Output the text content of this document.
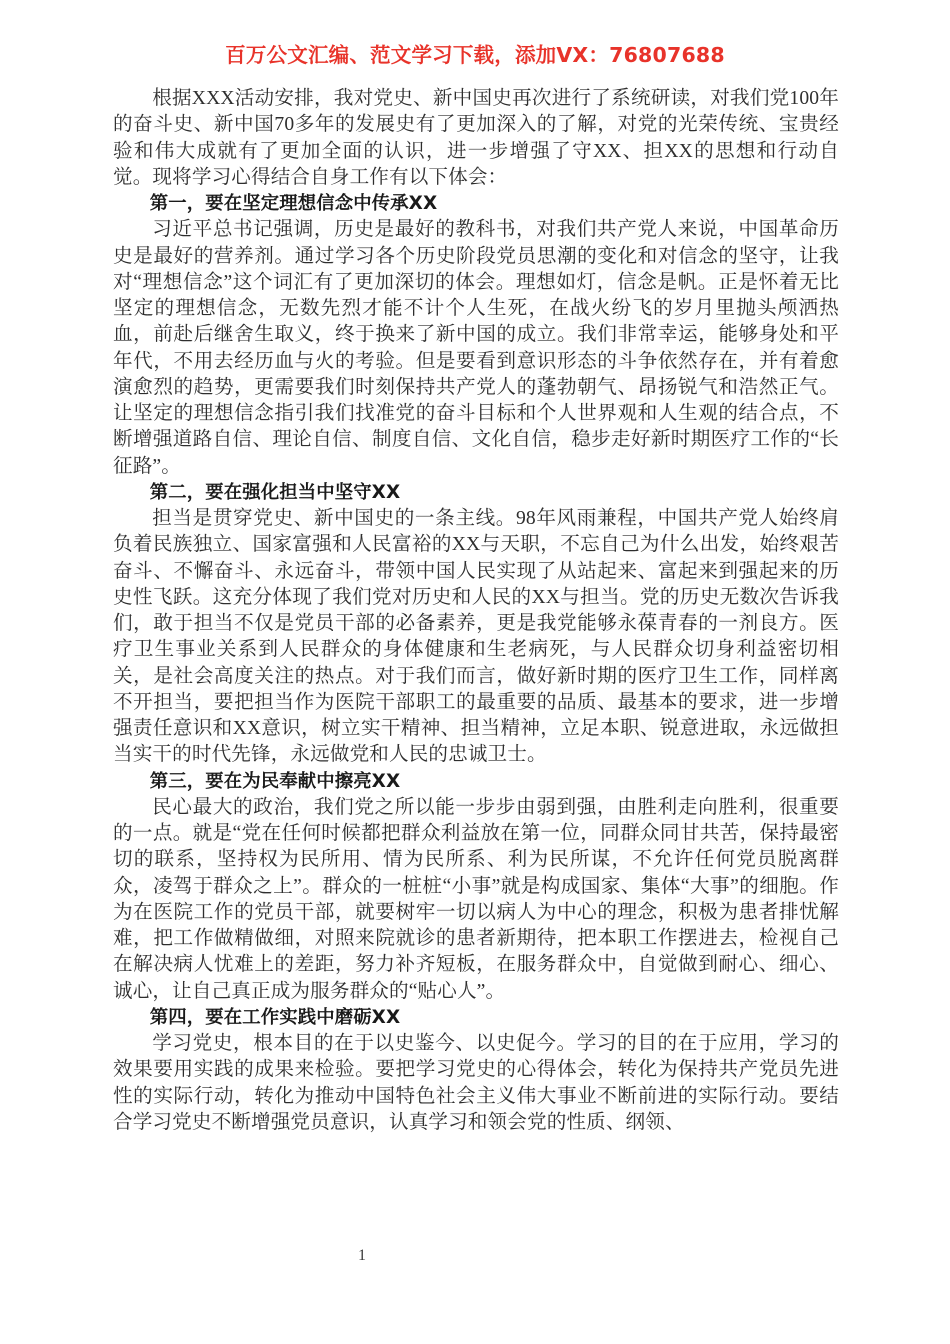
百万公文汇编、范文学习下载，添加VX：76807688

根据XXX活动安排，我对党史、新中国史再次进行了系统研读，对我们党100年的奋斗史、新中国70多年的发展史有了更加深入的了解，对党的光荣传统、宝贵经验和伟大成就有了更加全面的认识，进一步增强了守XX、担XX的思想和行动自觉。现将学习心得结合自身工作有以下体会：

第一，要在坚定理想信念中传承XX

习近平总书记强调，历史是最好的教科书，对我们共产党人来说，中国革命历史是最好的营养剂。通过学习各个历史阶段党员思潮的变化和对信念的坚守，让我对“理想信念”这个词汇有了更加深切的体会。理想如灯，信念是帆。正是怀着无比坚定的理想信念，无数先烈才能不计个人生死，在战火纷飞的岁月里抛头颅洒热血，前赴后继舍生取义，终于换来了新中国的成立。我们非常幸运，能够身处和平年代，不用去经历血与火的考验。但是要看到意识形态的斗争依然存在，并有着愈演愈烈的趋势，更需要我们时刻保持共产党人的蓬勃朝气、昂扬锐气和浩然正气。让坚定的理想信念指引我们找准党的奋斗目标和个人世界观和人生观的结合点，不断增强道路自信、理论自信、制度自信、文化自信，稳步走好新时期医疗工作的“长征路”。

第二，要在强化担当中坚守XX

担当是贯穿党史、新中国史的一条主线。98年风雨兼程，中国共产党人始终肩负着民族独立、国家富强和人民富裕的XX与天职，不忘自己为什么出发，始终艰苦奋斗、不懈奋斗、永远奋斗，带领中国人民实现了从站起来、富起来到强起来的历史性飞跃。这充分体现了我们党对历史和人民的XX与担当。党的历史无数次告诉我们，敢于担当不仅是党员干部的必备素养，更是我党能够永葆青春的一剂良方。医疗卫生事业关系到人民群众的身体健康和生老病死，与人民群众切身利益密切相关，是社会高度关注的热点。对于我们而言，做好新时期的医疗卫生工作，同样离不开担当，要把担当作为医院干部职工的最重要的品质、最基本的要求，进一步增强责任意识和XX意识，树立实干精神、担当精神，立足本职、锐意进取，永远做担当实干的时代先锋，永远做党和人民的忠诚卫士。

第三，要在为民奉献中擦亮XX

民心最大的政治，我们党之所以能一步步由弱到强，由胜利走向胜利，很重要的一点。就是“党在任何时候都把群众利益放在第一位，同群众同甘共苦，保持最密切的联系，坚持权为民所用、情为民所系、利为民所谋，不允许任何党员脱离群众，凌驾于群众之上”。群众的一桩桩“小事”就是构成国家、集体“大事”的细胞。作为在医院工作的党员干部，就要树牢一切以病人为中心的理念，积极为患者排忧解难，把工作做精做细，对照来院就诊的患者新期待，把本职工作摆进去，检视自己在解决病人忧难上的差距，努力补齐短板，在服务群众中，自觉做到耐心、细心、诚心，让自己真正成为服务群众的“贴心人”。

第四，要在工作实践中磨砺XX

学习党史，根本目的在于以史鉴今、以史促今。学习的目的在于应用，学习的效果要用实践的成果来检验。要把学习党史的心得体会，转化为保持共产党员先进性的实际行动，转化为推动中国特色社会主义伟大事业不断前进的实际行动。要结合学习党史不断增强党员意识，认真学习和领会党的性质、纲领、

1
